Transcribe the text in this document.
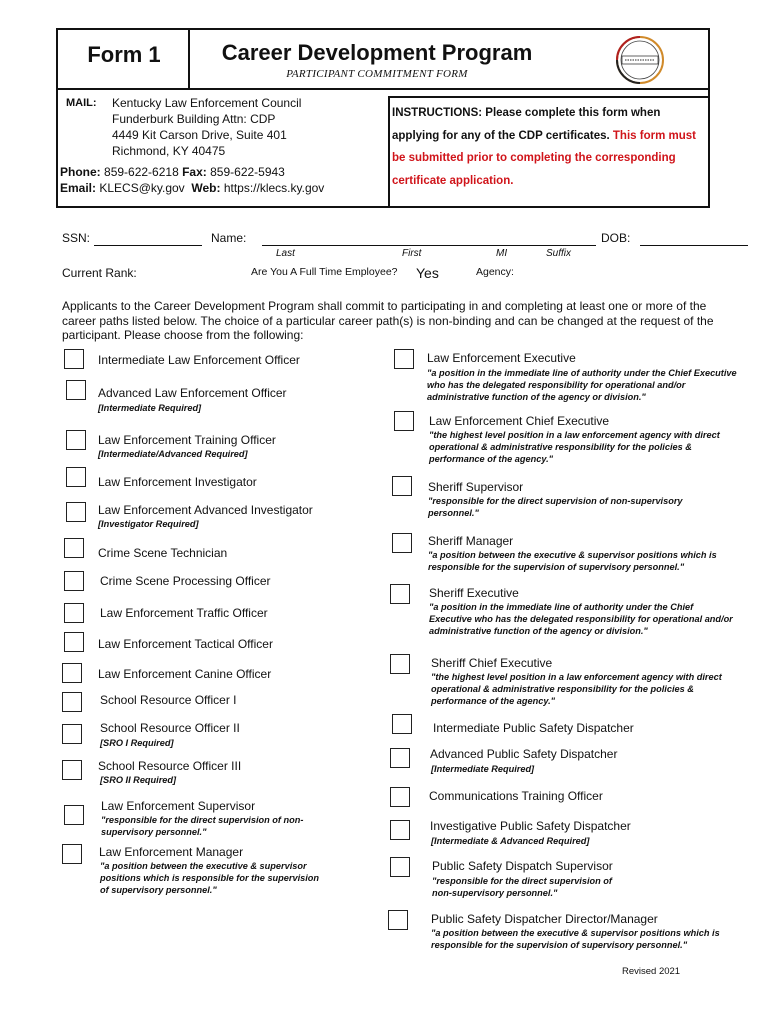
Form 1	Career Development Program
PARTICIPANT COMMITMENT FORM
MAIL: Kentucky Law Enforcement Council
Funderburk Building Attn: CDP
4449 Kit Carson Drive, Suite 401
Richmond, KY 40475
Phone: 859-622-6218 Fax: 859-622-5943
Email: KLECS@ky.gov Web: https://klecs.ky.gov
INSTRUCTIONS: Please complete this form when applying for any of the CDP certificates. This form must be submitted prior to completing the corresponding certificate application.
SSN:	Name:	DOB:
Last	First	MI	Suffix
Current Rank:	Are You A Full Time Employee? Yes	Agency:
Applicants to the Career Development Program shall commit to participating in and completing at least one or more of the career paths listed below. The choice of a particular career path(s) is non-binding and can be changed at the request of the participant. Please choose from the following:
Intermediate Law Enforcement Officer
Advanced Law Enforcement Officer
[Intermediate Required]
Law Enforcement Training Officer
[Intermediate/Advanced Required]
Law Enforcement Investigator
Law Enforcement Advanced Investigator
[Investigator Required]
Crime Scene Technician
Crime Scene Processing Officer
Law Enforcement Traffic Officer
Law Enforcement Tactical Officer
Law Enforcement Canine Officer
School Resource Officer I
School Resource Officer II
[SRO I Required]
School Resource Officer III
[SRO II Required]
Law Enforcement Supervisor
"responsible for the direct supervision of non-supervisory personnel."
Law Enforcement Manager
"a position between the executive & supervisor positions which is responsible for the supervision of supervisory personnel."
Law Enforcement Executive
"a position in the immediate line of authority under the Chief Executive who has the delegated responsibility for operational and/or administrative function of the agency or division."
Law Enforcement Chief Executive
"the highest level position in a law enforcement agency with direct operational & administrative responsibility for the policies & performance of the agency."
Sheriff Supervisor
"responsible for the direct supervision of non-supervisory personnel."
Sheriff Manager
"a position between the executive & supervisor positions which is responsible for the supervision of supervisory personnel."
Sheriff Executive
"a position in the immediate line of authority under the Chief Executive who has the delegated responsibility for operational and/or administrative function of the agency or division."
Sheriff Chief Executive
"the highest level position in a law enforcement agency with direct operational & administrative responsibility for the policies & performance of the agency."
Intermediate Public Safety Dispatcher
Advanced Public Safety Dispatcher
[Intermediate Required]
Communications Training Officer
Investigative Public Safety Dispatcher
[Intermediate & Advanced Required]
Public Safety Dispatch Supervisor
"responsible for the direct supervision of non-supervisory personnel."
Public Safety Dispatcher Director/Manager
"a position between the executive & supervisor positions which is responsible for the supervision of supervisory personnel."
Revised 2021
